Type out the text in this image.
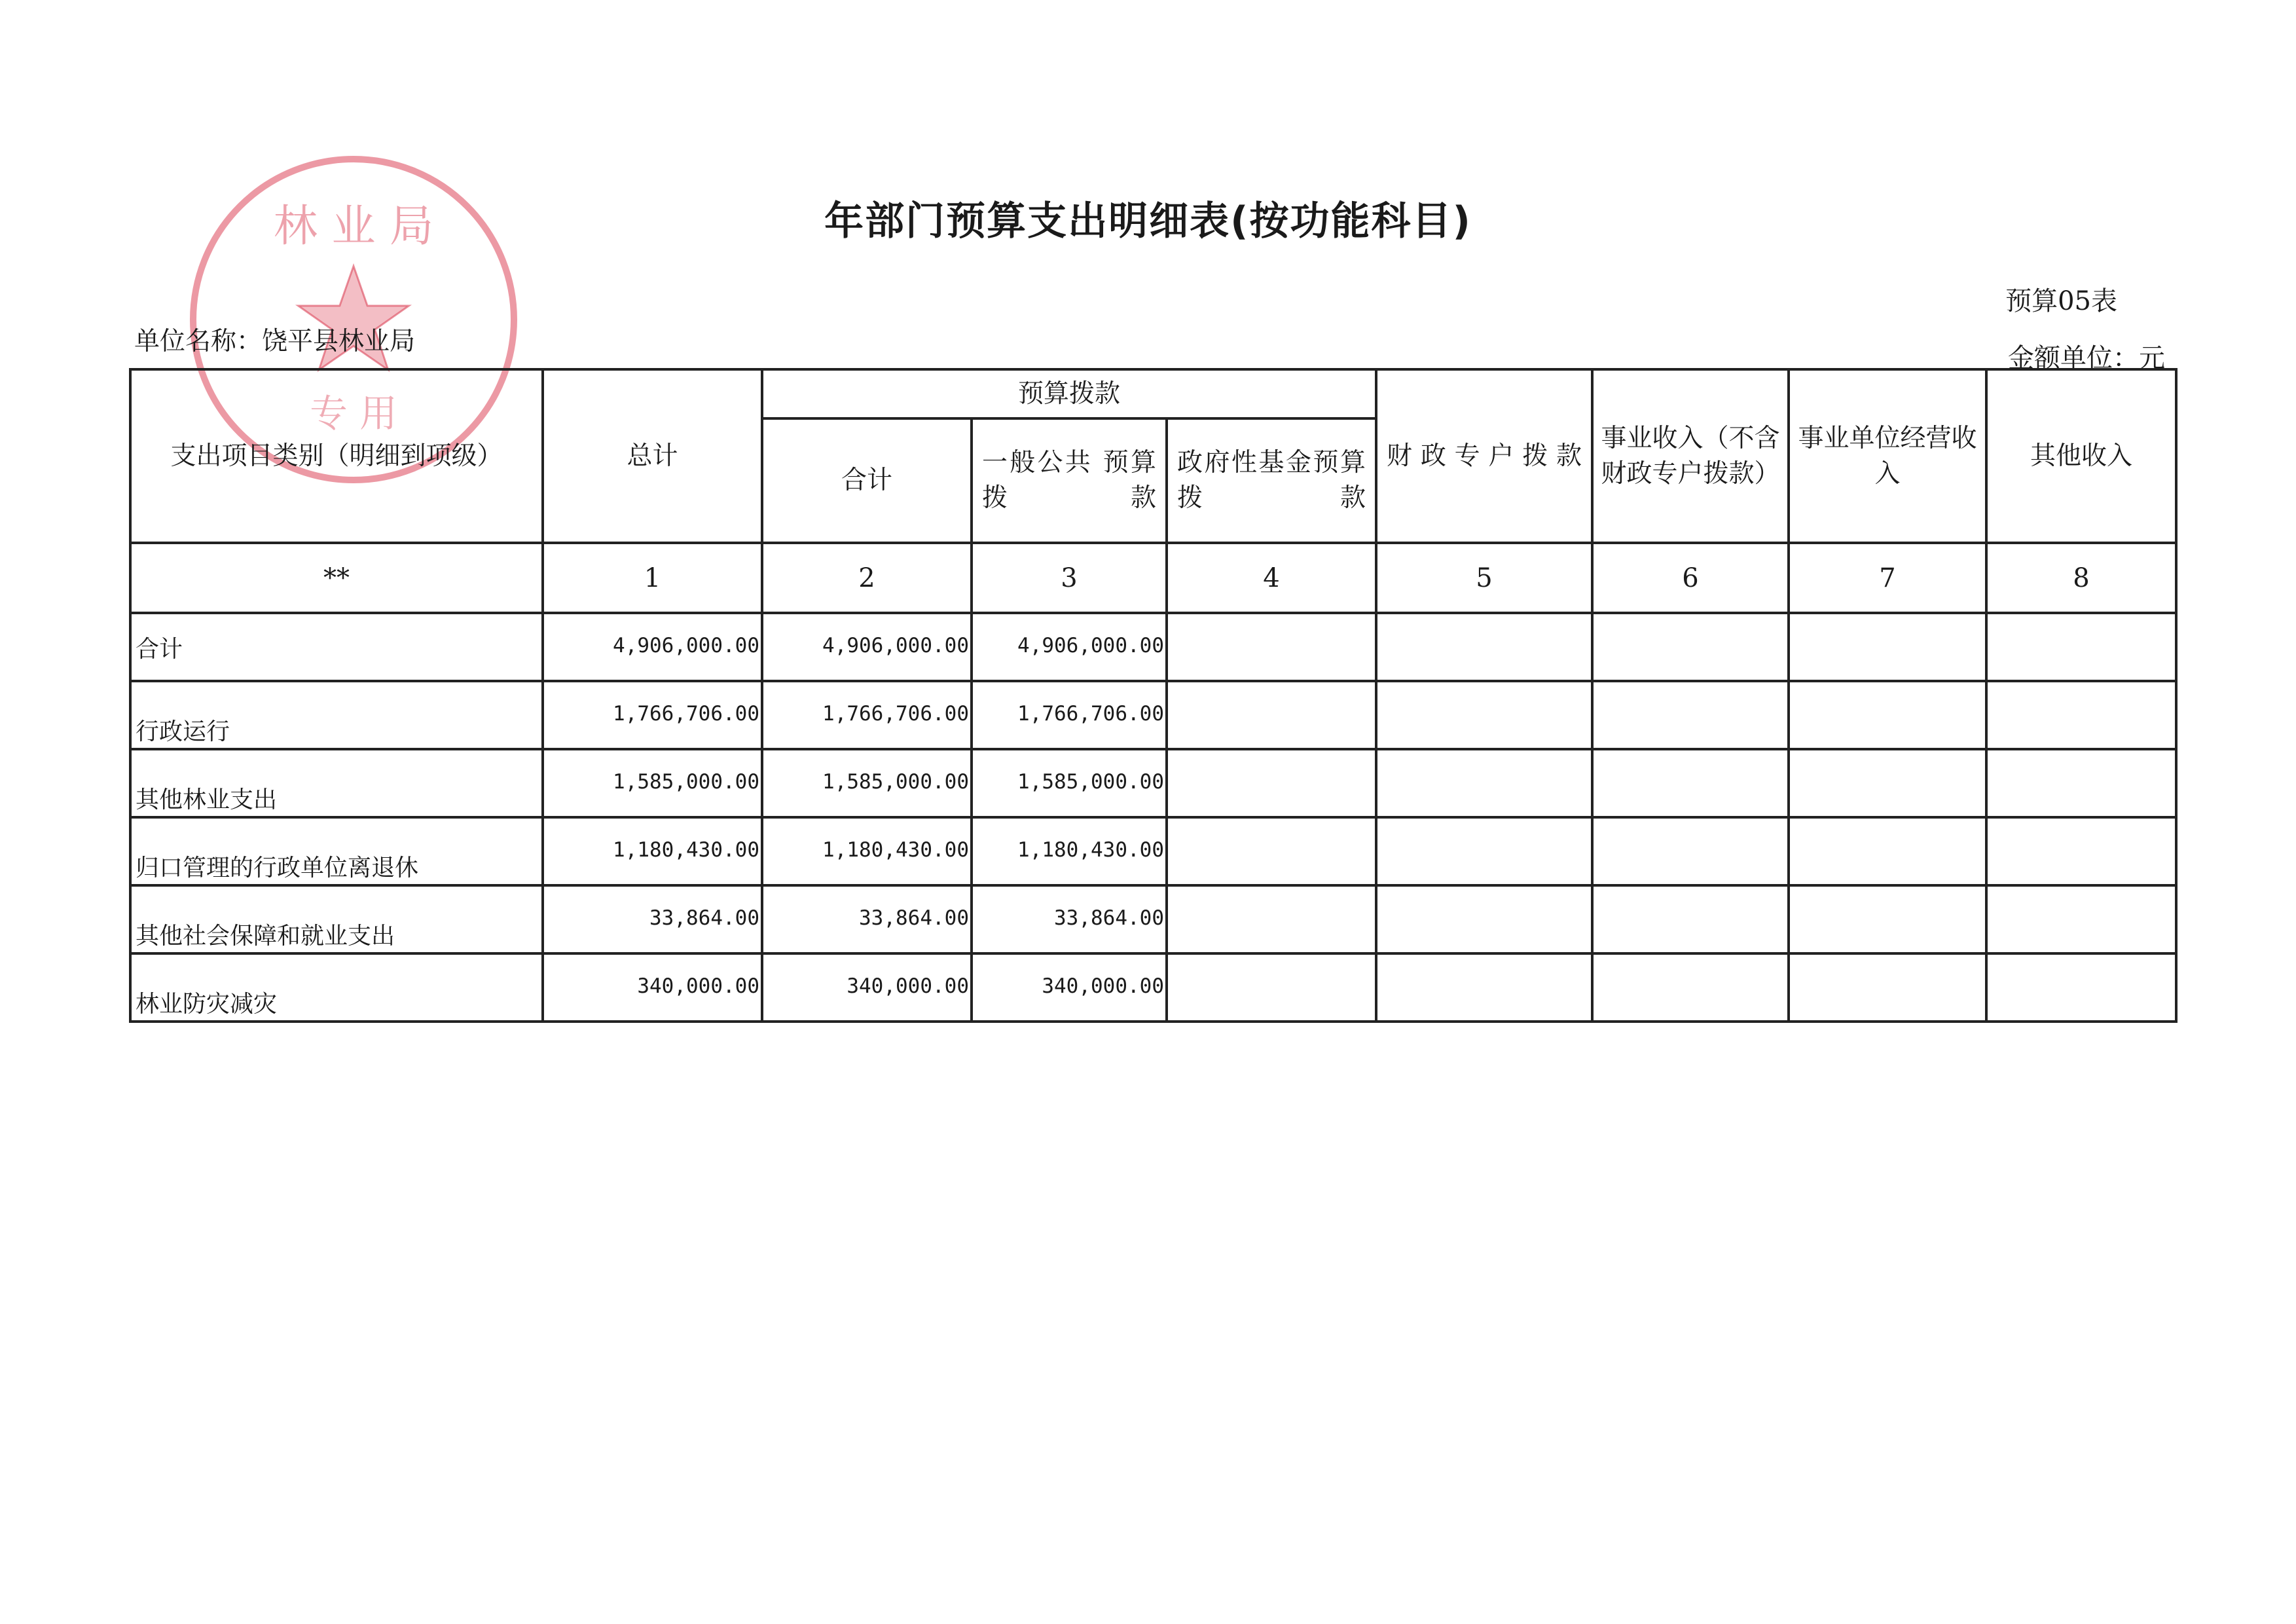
林 业 局
专 用
年部门预算支出明细表(按功能科目)
预算05表
单位名称：饶平县林业局
金额单位：元
支出项目类别（明细到项级）	总计	预算拨款			财政专户拨款	事业收入（不含财政专户拨款）	事业单位经营收入	其他收入
		合计	一般公共 预算拨款	政府性基金预算拨款				
**	1	2	3	4	5	6	7	8
合计	4,906,000.00	4,906,000.00	4,906,000.00					
行政运行	1,766,706.00	1,766,706.00	1,766,706.00					
其他林业支出	1,585,000.00	1,585,000.00	1,585,000.00					
归口管理的行政单位离退休	1,180,430.00	1,180,430.00	1,180,430.00					
其他社会保障和就业支出	33,864.00	33,864.00	33,864.00					
林业防灾减灾	340,000.00	340,000.00	340,000.00					
